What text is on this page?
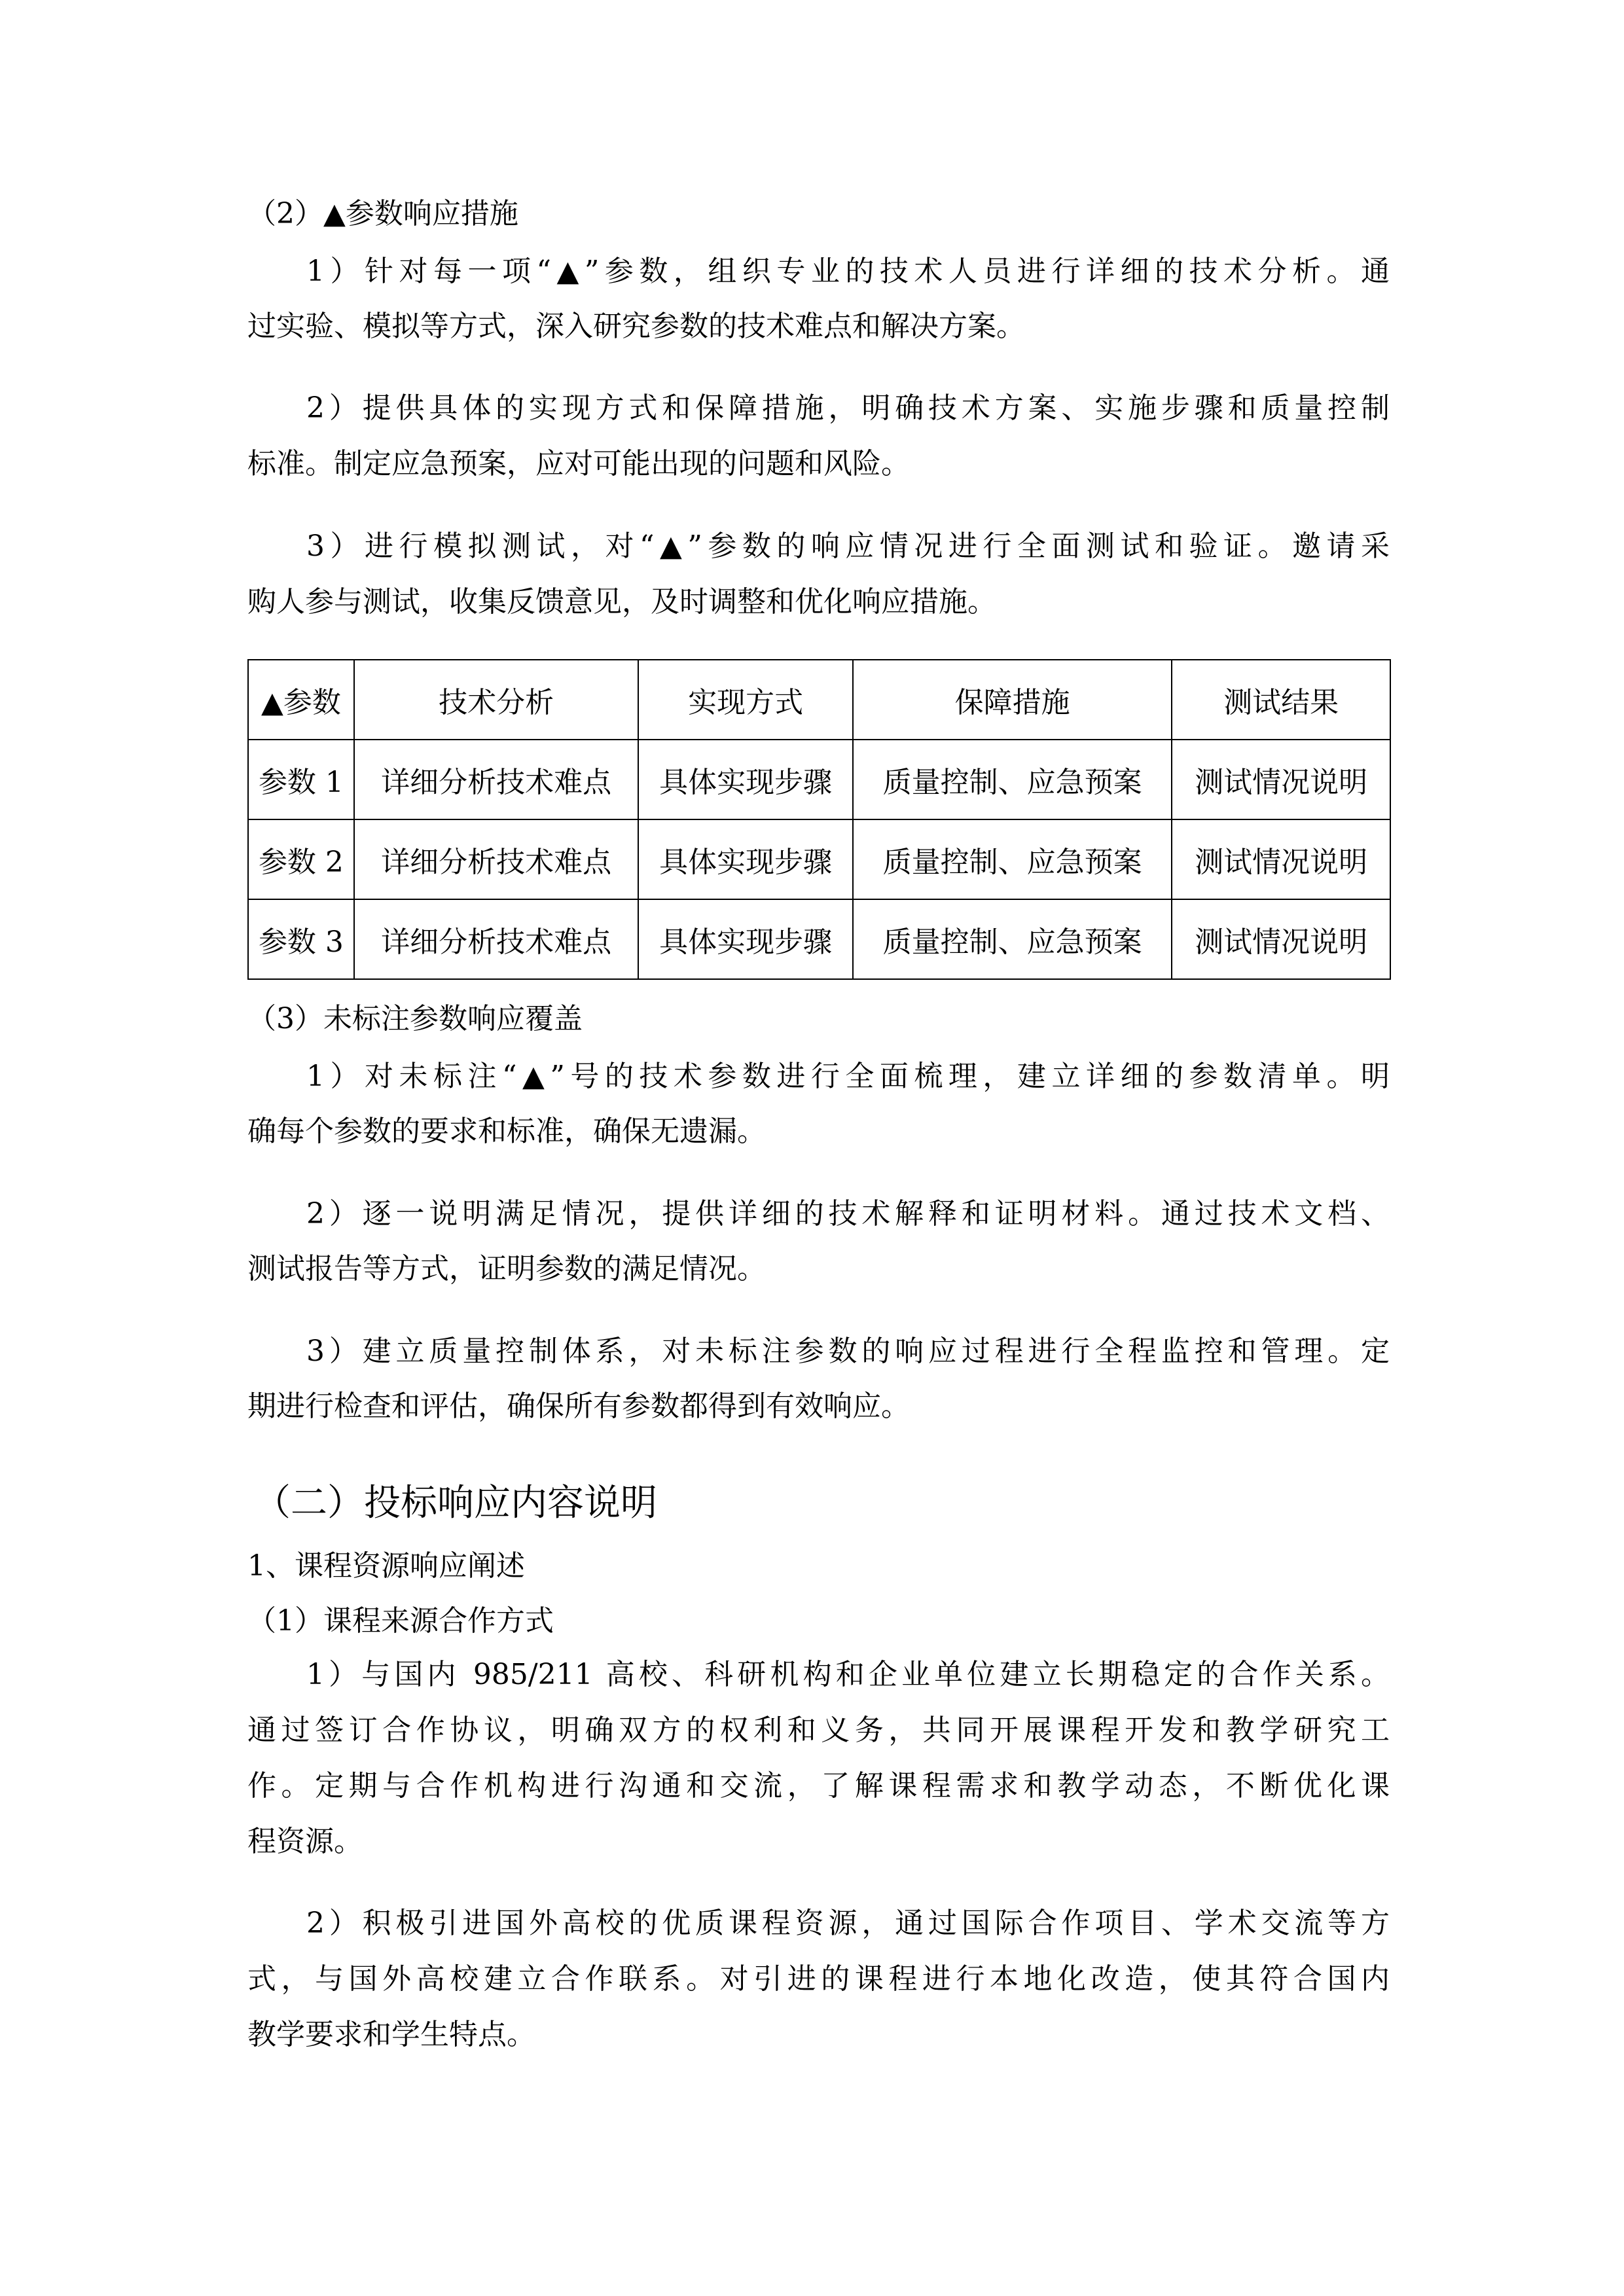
（2）▲参数响应措施
1）针对每一项“▲”参数，组织专业的技术人员进行详细的技术分析。通
过实验、模拟等方式，深入研究参数的技术难点和解决方案。
2）提供具体的实现方式和保障措施，明确技术方案、实施步骤和质量控制
标准。制定应急预案，应对可能出现的问题和风险。
3）进行模拟测试，对“▲”参数的响应情况进行全面测试和验证。邀请采
购人参与测试，收集反馈意见，及时调整和优化响应措施。
（3）未标注参数响应覆盖
1）对未标注“▲”号的技术参数进行全面梳理，建立详细的参数清单。明
确每个参数的要求和标准，确保无遗漏。
2）逐一说明满足情况，提供详细的技术解释和证明材料。通过技术文档、
测试报告等方式，证明参数的满足情况。
3）建立质量控制体系，对未标注参数的响应过程进行全程监控和管理。定
期进行检查和评估，确保所有参数都得到有效响应。
（二）投标响应内容说明
1、课程资源响应阐述
（1）课程来源合作方式
1）与国内 985/211 高校、科研机构和企业单位建立长期稳定的合作关系。
通过签订合作协议，明确双方的权利和义务，共同开展课程开发和教学研究工
作。定期与合作机构进行沟通和交流，了解课程需求和教学动态，不断优化课
程资源。
2）积极引进国外高校的优质课程资源，通过国际合作项目、学术交流等方
式，与国外高校建立合作联系。对引进的课程进行本地化改造，使其符合国内
教学要求和学生特点。
▲参数	技术分析	实现方式	保障措施	测试结果
参数 1	详细分析技术难点	具体实现步骤	质量控制、应急预案	测试情况说明
参数 2	详细分析技术难点	具体实现步骤	质量控制、应急预案	测试情况说明
参数 3	详细分析技术难点	具体实现步骤	质量控制、应急预案	测试情况说明
